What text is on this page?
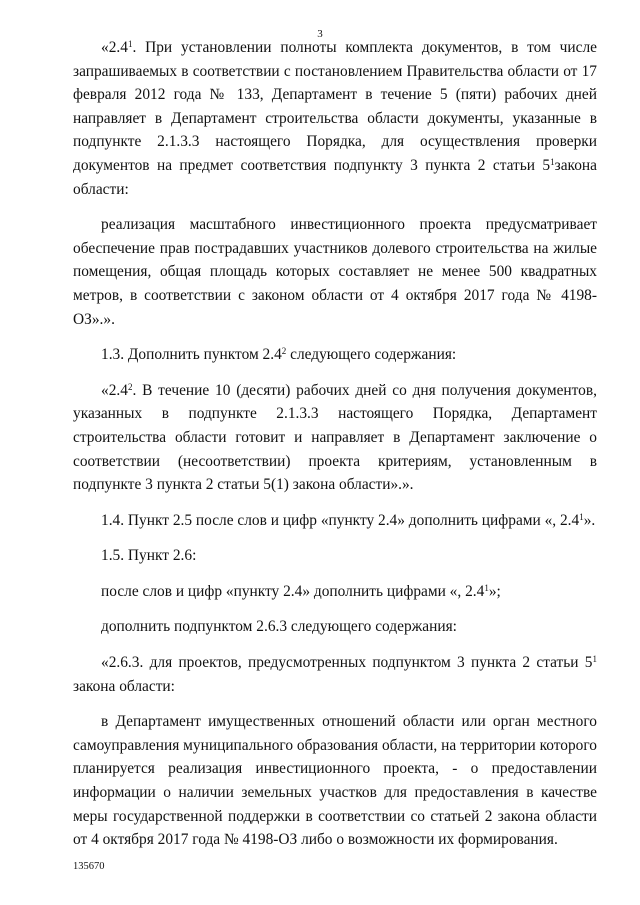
3

«$2.4^1$. При установлении полноты комплекта документов, в том числе запрашиваемых в соответствии с постановлением Правительства области от 17 февраля 2012 года № 133, Департамент в течение 5 (пяти) рабочих дней направляет в Департамент строительства области документы, указанные в подпункте 2.1.3.3 настоящего Порядка, для осуществления проверки документов на предмет соответствия подпункту 3 пункта 2 статьи $5^1закона$ области:

реализация масштабного инвестиционного проекта предусматривает обеспечение прав пострадавших участников долевого строительства на жилые помещения, общая площадь которых составляет не менее 500 квадратных метров, в соответствии с законом области от 4 октября 2017 года № 4198-ОЗ».».

1.3. Дополнить пунктом $2.4^2$ следующего содержания:

«$2.4^2$. В течение 10 (десяти) рабочих дней со дня получения документов, указанных в подпункте 2.1.3.3 настоящего Порядка, Департамент строительства области готовит и направляет в Департамент заключение о соответствии (несоответствии) проекта критериям, установленным в подпункте 3 пункта 2 статьи 5(1) закона области».».

1.4. Пункт 2.5 после слов и цифр «пункту 2.4» дополнить цифрами «, $2.4^1$».

1.5. Пункт 2.6:

после слов и цифр «пункту 2.4» дополнить цифрами «, $2.4^1$»;

дополнить подпунктом 2.6.3 следующего содержания:

«2.6.3. для проектов, предусмотренных подпунктом 3 пункта 2 статьи $5^1$ закона области:

в Департамент имущественных отношений области или орган местного самоуправления муниципального образования области, на территории которого планируется реализация инвестиционного проекта, - о предоставлении информации о наличии земельных участков для предоставления в качестве меры государственной поддержки в соответствии со статьей 2 закона области от 4 октября 2017 года № 4198-ОЗ либо о возможности их формирования.

135670
